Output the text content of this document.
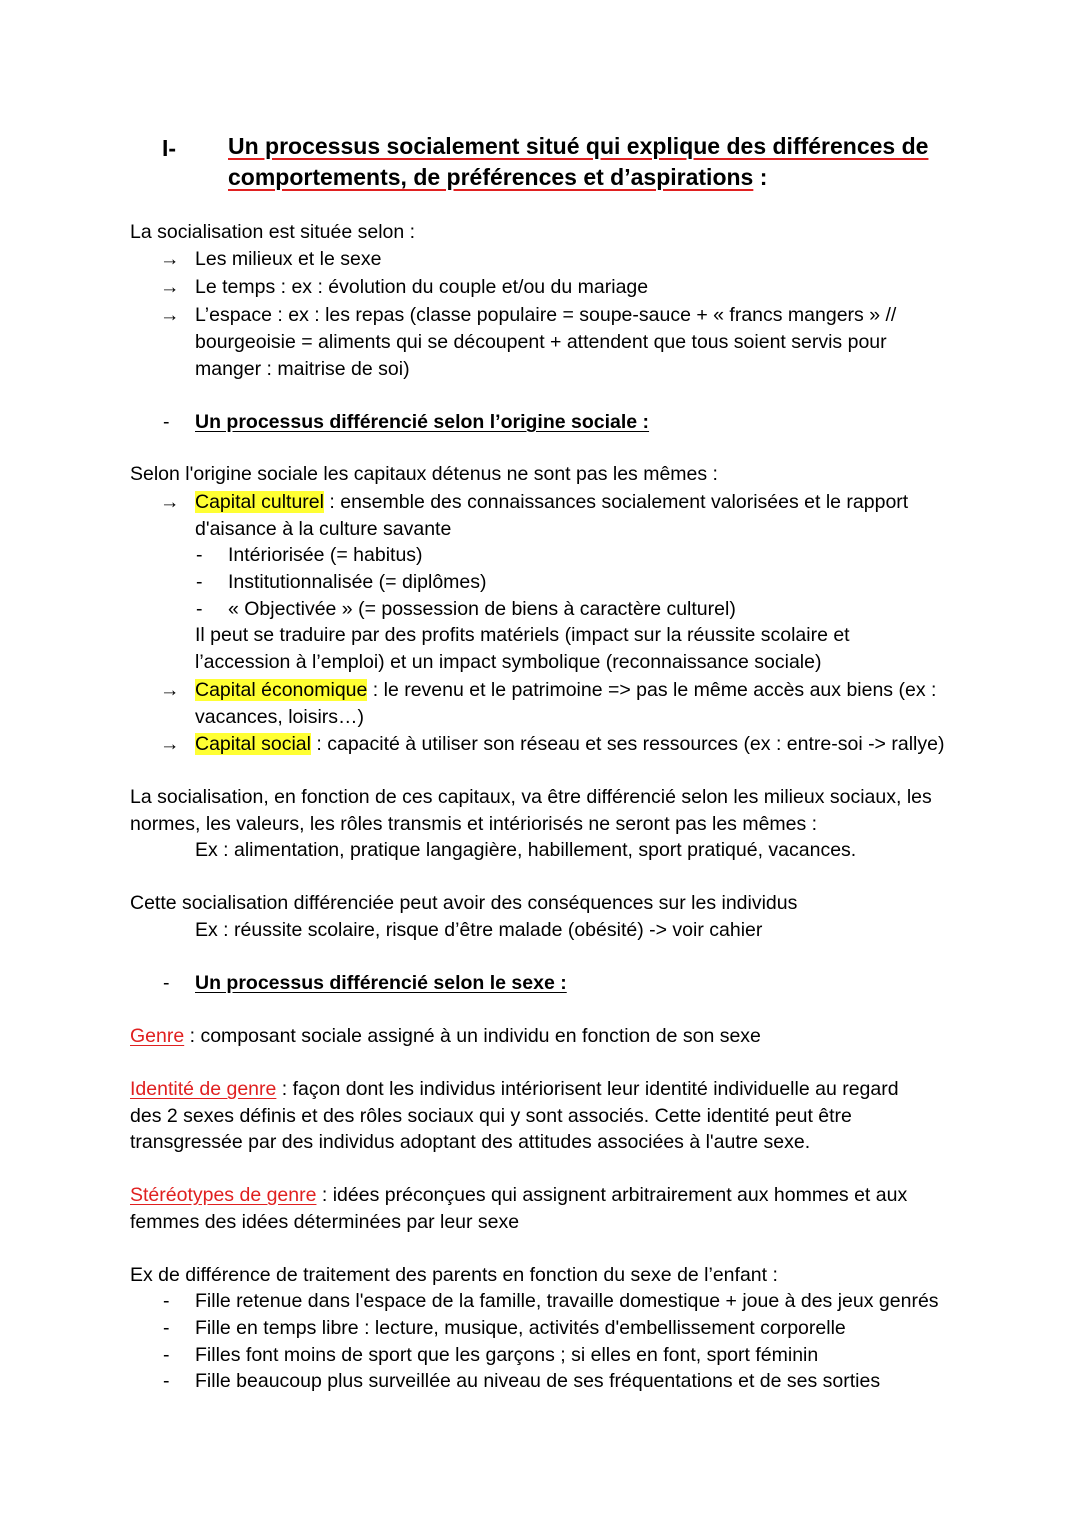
I- Un processus socialement situé qui explique des différences de
comportements, de préférences et d’aspirations :
La socialisation est située selon :
→ Les milieux et le sexe
→ Le temps : ex : évolution du couple et/ou du mariage
→ L’espace : ex : les repas (classe populaire = soupe-sauce + « francs mangers » //
bourgeoisie = aliments qui se découpent + attendent que tous soient servis pour
manger : maitrise de soi)
- Un processus différencié selon l’origine sociale :
Selon l'origine sociale les capitaux détenus ne sont pas les mêmes :
→ Capital culturel : ensemble des connaissances socialement valorisées et le rapport
d'aisance à la culture savante
- Intériorisée (= habitus)
- Institutionnalisée (= diplômes)
- « Objectivée » (= possession de biens à caractère culturel)
Il peut se traduire par des profits matériels (impact sur la réussite scolaire et
l’accession à l’emploi) et un impact symbolique (reconnaissance sociale)
→ Capital économique : le revenu et le patrimoine => pas le même accès aux biens (ex :
vacances, loisirs…)
→ Capital social : capacité à utiliser son réseau et ses ressources (ex : entre-soi -> rallye)
La socialisation, en fonction de ces capitaux, va être différencié selon les milieux sociaux, les
normes, les valeurs, les rôles transmis et intériorisés ne seront pas les mêmes :
Ex : alimentation, pratique langagière, habillement, sport pratiqué, vacances.
Cette socialisation différenciée peut avoir des conséquences sur les individus
Ex : réussite scolaire, risque d’être malade (obésité) -> voir cahier
- Un processus différencié selon le sexe :
Genre : composant sociale assigné à un individu en fonction de son sexe
Identité de genre : façon dont les individus intériorisent leur identité individuelle au regard
des 2 sexes définis et des rôles sociaux qui y sont associés. Cette identité peut être
transgressée par des individus adoptant des attitudes associées à l'autre sexe.
Stéréotypes de genre : idées préconçues qui assignent arbitrairement aux hommes et aux
femmes des idées déterminées par leur sexe
Ex de différence de traitement des parents en fonction du sexe de l’enfant :
- Fille retenue dans l'espace de la famille, travaille domestique + joue à des jeux genrés
- Fille en temps libre : lecture, musique, activités d'embellissement corporelle
- Filles font moins de sport que les garçons ; si elles en font, sport féminin
- Fille beaucoup plus surveillée au niveau de ses fréquentations et de ses sorties
